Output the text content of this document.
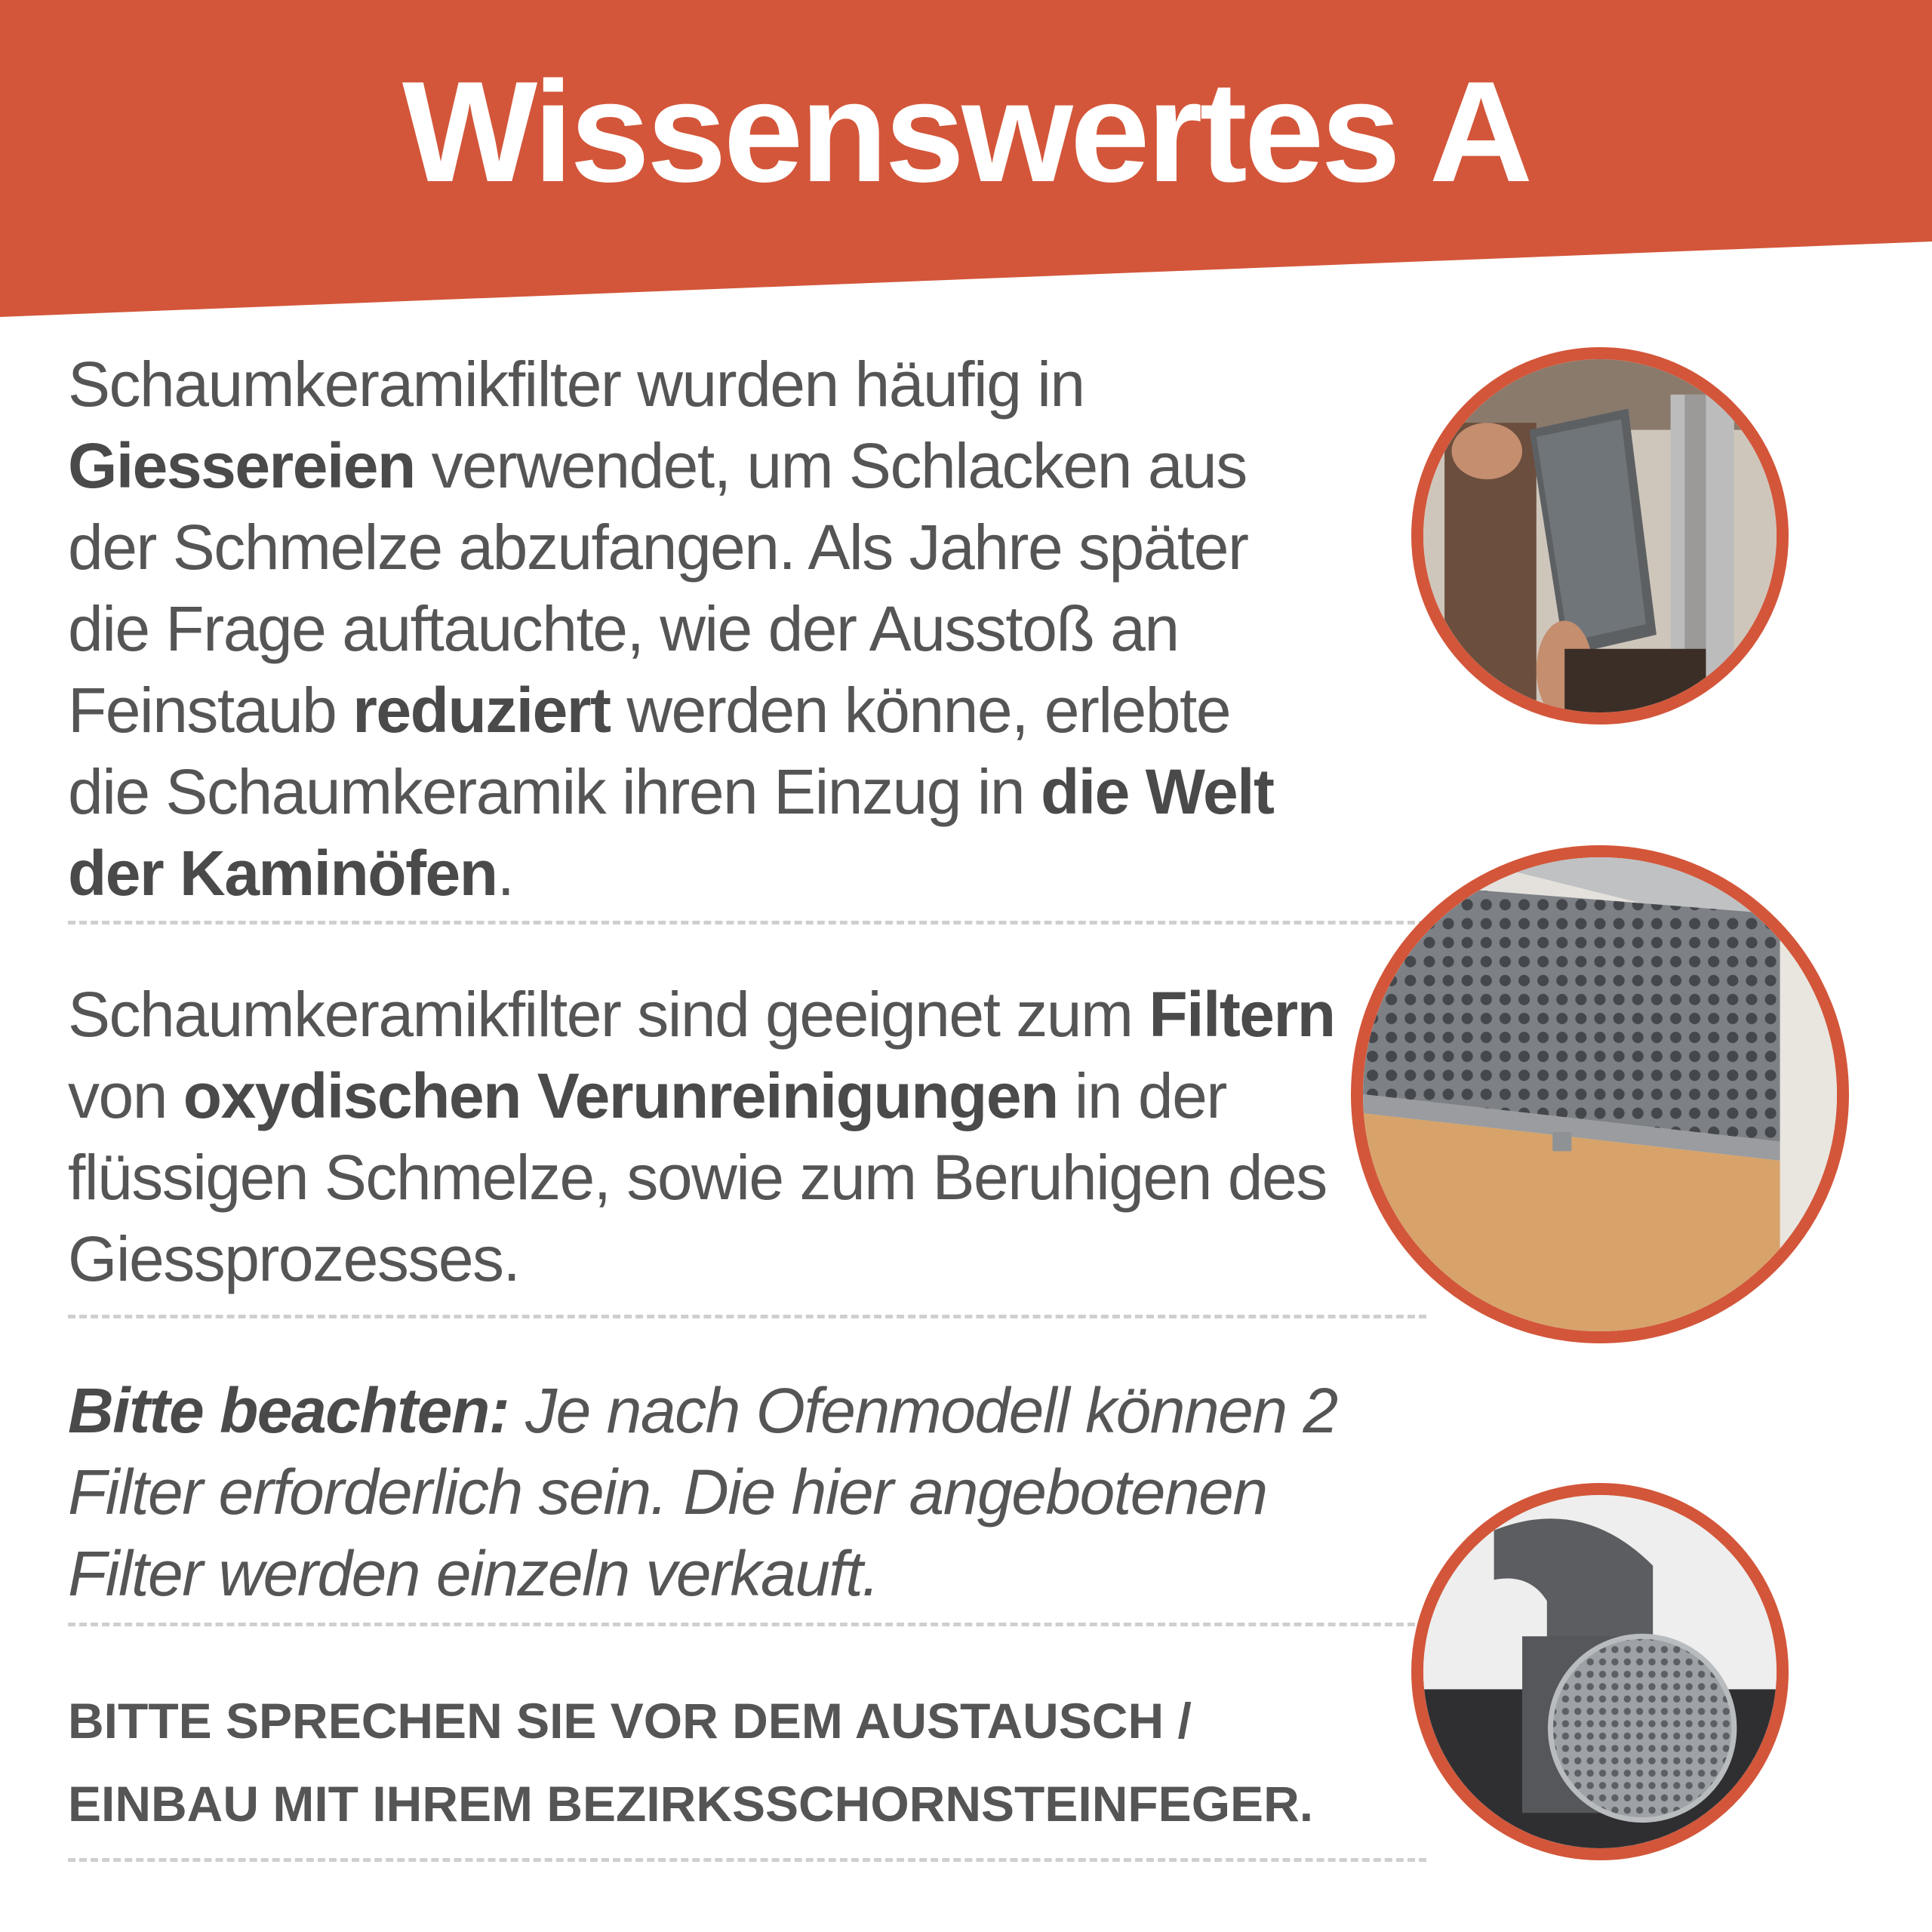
Wissenswertes A
Schaumkeramikfilter wurden häufig in Giessereien verwendet, um Schlacken aus der Schmelze abzufangen. Als Jahre später die Frage auftauchte, wie der Ausstoß an Feinstaub reduziert werden könne, erlebte die Schaumkeramik ihren Einzug in die Welt der Kaminöfen.
Schaumkeramikfilter sind geeignet zum Filtern von oxydischen Verunreinigungen in der flüssigen Schmelze, sowie zum Beruhigen des Giessprozesses.
Bitte beachten: Je nach Ofenmodell können 2 Filter erforderlich sein. Die hier angebotenen Filter werden einzeln verkauft.
BITTE SPRECHEN SIE VOR DEM AUSTAUSCH /
EINBAU MIT IHREM BEZIRKSSCHORNSTEINFEGER.
